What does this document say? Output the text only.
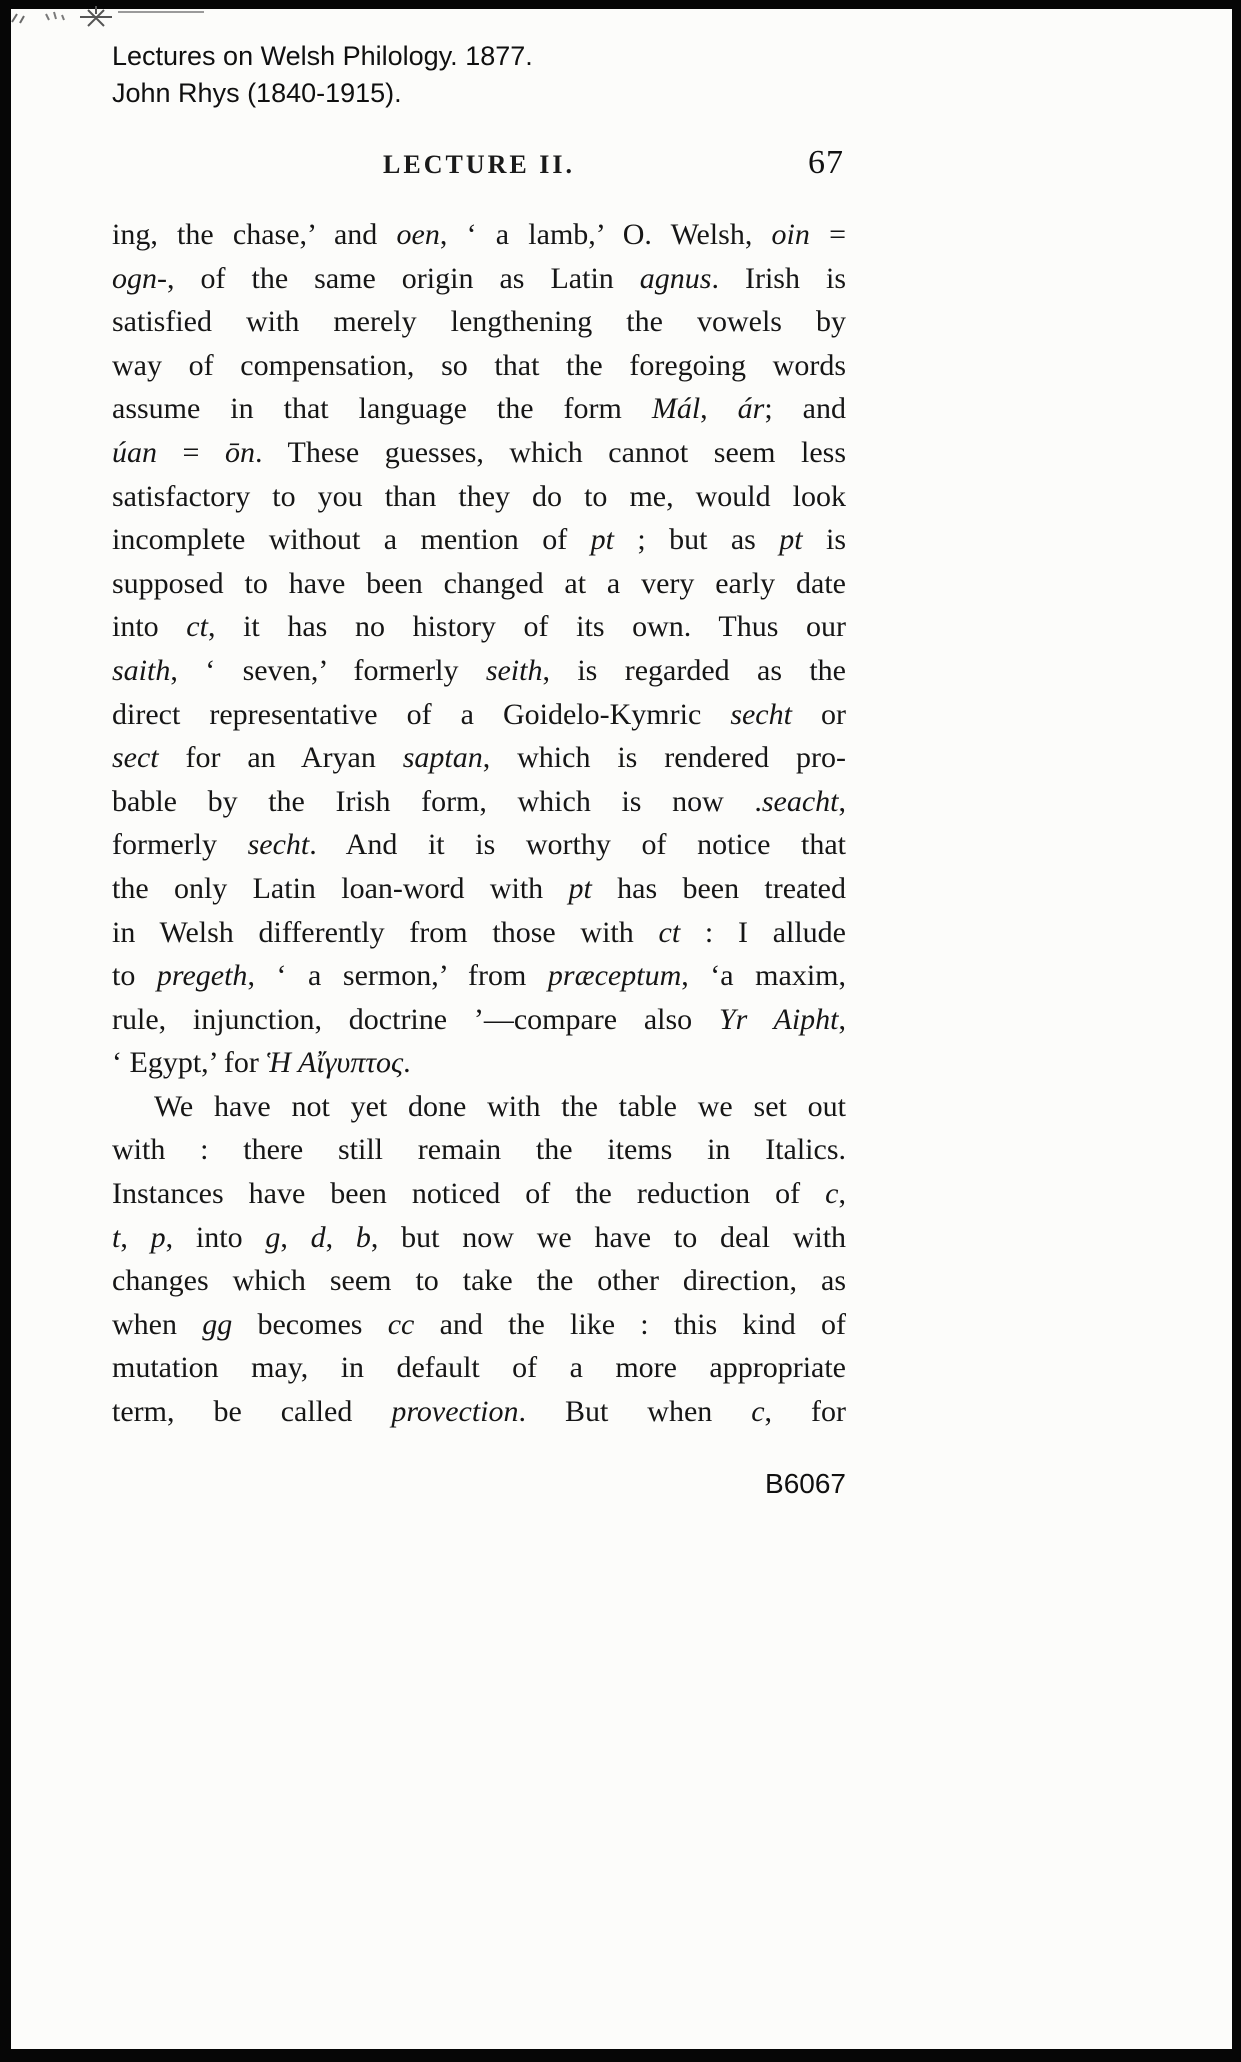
Lectures on Welsh Philology. 1877.
John Rhys (1840-1915).
LECTURE II.	67
ing, the chase,’ and oen, ‘ a lamb,’ O. Welsh, oin =
ogn-, of the same origin as Latin agnus. Irish is
satisfied with merely lengthening the vowels by
way of compensation, so that the foregoing words
assume in that language the form Mál, ár; and
úan = ōn. These guesses, which cannot seem less
satisfactory to you than they do to me, would look
incomplete without a mention of pt ; but as pt is
supposed to have been changed at a very early date
into ct, it has no history of its own. Thus our
saith, ‘ seven,’ formerly seith, is regarded as the
direct representative of a Goidelo-Kymric secht or
sect for an Aryan saptan, which is rendered pro-
bable by the Irish form, which is now .seacht,
formerly secht. And it is worthy of notice that
the only Latin loan-word with pt has been treated
in Welsh differently from those with ct : I allude
to pregeth, ‘ a sermon,’ from præceptum, ‘a maxim,
rule, injunction, doctrine ’—compare also Yr Aipht,
‘ Egypt,’ for Ἡ Αἴγυπτος.
We have not yet done with the table we set out
with : there still remain the items in Italics.
Instances have been noticed of the reduction of c,
t, p, into g, d, b, but now we have to deal with
changes which seem to take the other direction, as
when gg becomes cc and the like : this kind of
mutation may, in default of a more appropriate
term, be called provection. But when c, for
B6067
